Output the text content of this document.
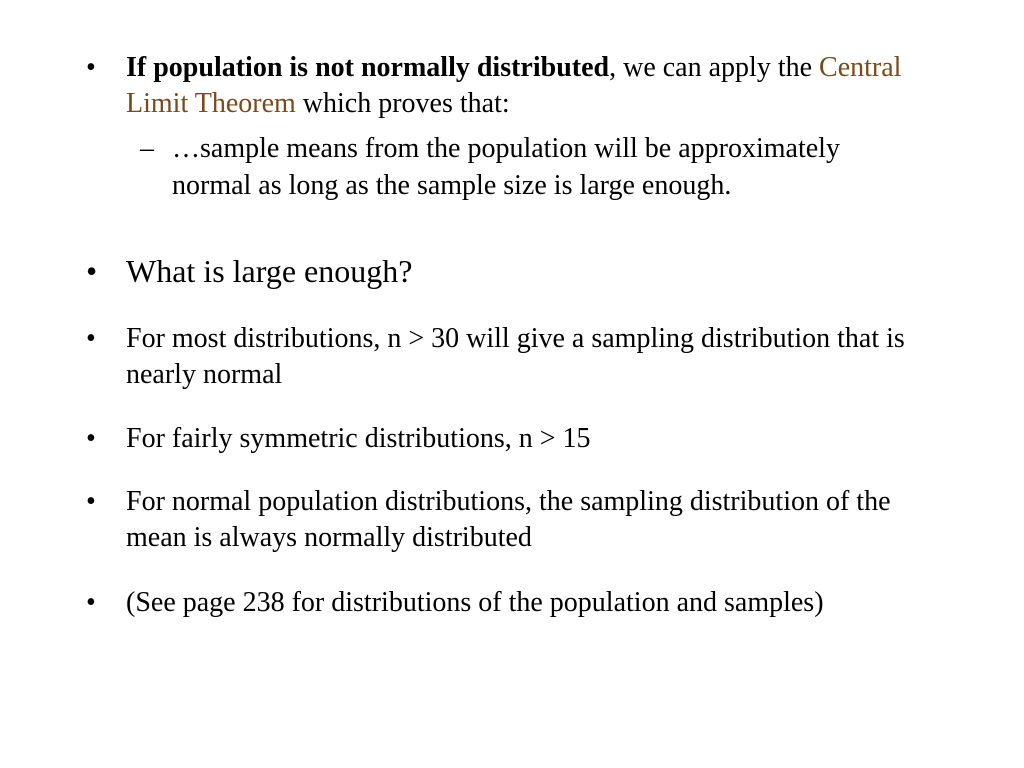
• If population is not normally distributed, we can apply the Central Limit Theorem which proves that:
– …sample means from the population will be approximately normal as long as the sample size is large enough.
• What is large enough?
• For most distributions, n > 30 will give a sampling distribution that is nearly normal
• For fairly symmetric distributions, n > 15
• For normal population distributions, the sampling distribution of the mean is always normally distributed
• (See page 238 for distributions of the population and samples)
